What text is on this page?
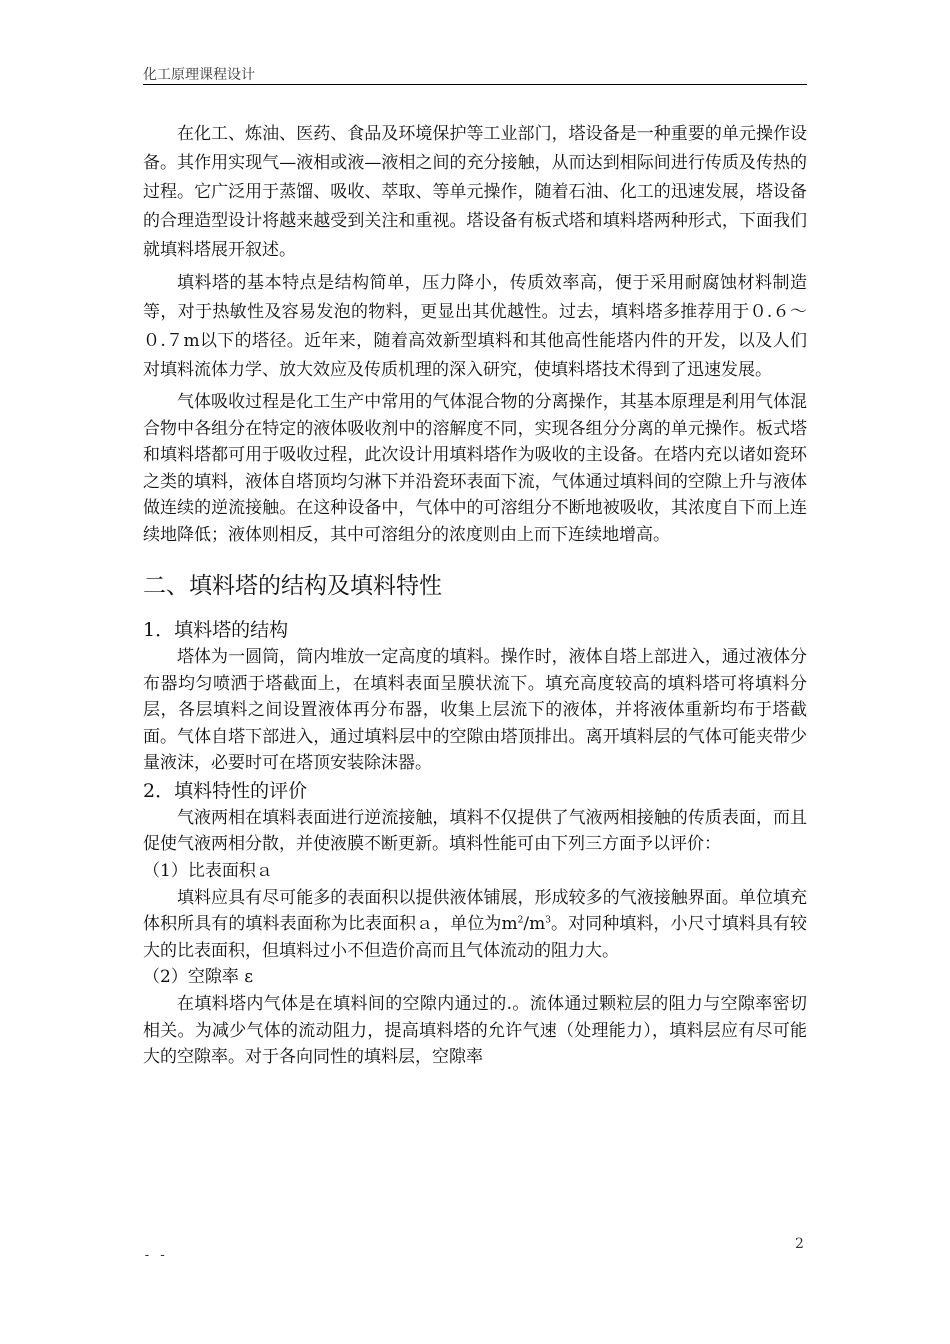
化工原理课程设计

在化工、炼油、医药、食品及环境保护等工业部门，塔设备是一种重要的单元操作设备。其作用实现气—液相或液—液相之间的充分接触，从而达到相际间进行传质及传热的过程。它广泛用于蒸馏、吸收、萃取、等单元操作，随着石油、化工的迅速发展，塔设备的合理造型设计将越来越受到关注和重视。塔设备有板式塔和填料塔两种形式，下面我们就填料塔展开叙述。

填料塔的基本特点是结构简单，压力降小，传质效率高，便于采用耐腐蚀材料制造等，对于热敏性及容易发泡的物料，更显出其优越性。过去，填料塔多推荐用于０.６～０.７m以下的塔径。近年来，随着高效新型填料和其他高性能塔内件的开发，以及人们对填料流体力学、放大效应及传质机理的深入研究，使填料塔技术得到了迅速发展。

气体吸收过程是化工生产中常用的气体混合物的分离操作，其基本原理是利用气体混合物中各组分在特定的液体吸收剂中的溶解度不同，实现各组分分离的单元操作。板式塔和填料塔都可用于吸收过程，此次设计用填料塔作为吸收的主设备。在塔内充以诸如瓷环之类的填料，液体自塔顶均匀淋下并沿瓷环表面下流，气体通过填料间的空隙上升与液体做连续的逆流接触。在这种设备中，气体中的可溶组分不断地被吸收，其浓度自下而上连续地降低；液体则相反，其中可溶组分的浓度则由上而下连续地增高。

二、填料塔的结构及填料特性
1．填料塔的结构

塔体为一圆筒，筒内堆放一定高度的填料。操作时，液体自塔上部进入，通过液体分布器均匀喷洒于塔截面上，在填料表面呈膜状流下。填充高度较高的填料塔可将填料分层，各层填料之间设置液体再分布器，收集上层流下的液体，并将液体重新均布于塔截面。气体自塔下部进入，通过填料层中的空隙由塔顶排出。离开填料层的气体可能夹带少量液沫，必要时可在塔顶安装除沫器。

2．填料特性的评价

气液两相在填料表面进行逆流接触，填料不仅提供了气液两相接触的传质表面，而且促使气液两相分散，并使液膜不断更新。填料性能可由下列三方面予以评价：

（1）比表面积ａ

填料应具有尽可能多的表面积以提供液体铺展，形成较多的气液接触界面。单位填充体积所具有的填料表面称为比表面积ａ，单位为$m^2/m^3$。对同种填料，小尺寸填料具有较大的比表面积，但填料过小不但造价高而且气体流动的阻力大。

（2）空隙率 ε

在填料塔内气体是在填料间的空隙内通过的.。流体通过颗粒层的阻力与空隙率密切相关。为减少气体的流动阻力，提高填料塔的允许气速（处理能力），填料层应有尽可能大的空隙率。对于各向同性的填料层，空隙率

2
- -
